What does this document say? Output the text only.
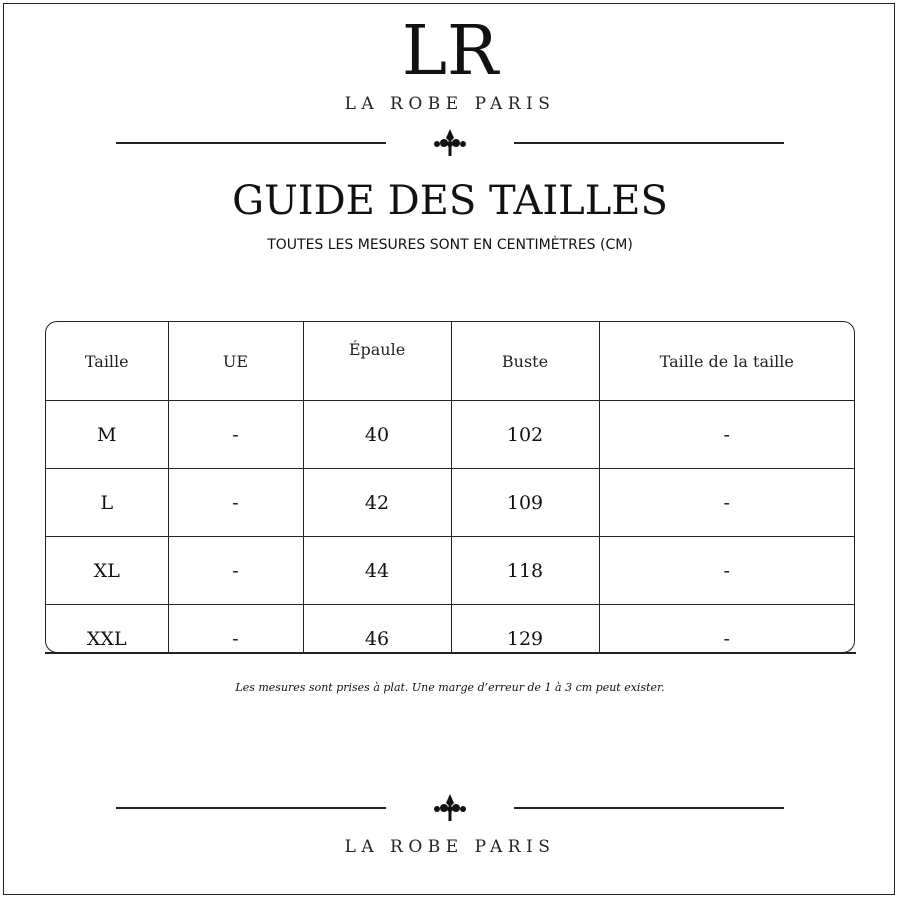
LR
LA ROBE PARIS
GUIDE DES TAILLES
TOUTES LES MESURES SONT EN CENTIMÈTRES (CM)
Taille	UE	Épaule	Buste	Taille de la taille
M	-	40	102	-
L	-	42	109	-
XL	-	44	118	-
XXL	-	46	129	-
Les mesures sont prises à plat. Une marge d’erreur de 1 à 3 cm peut exister.
LA ROBE PARIS
